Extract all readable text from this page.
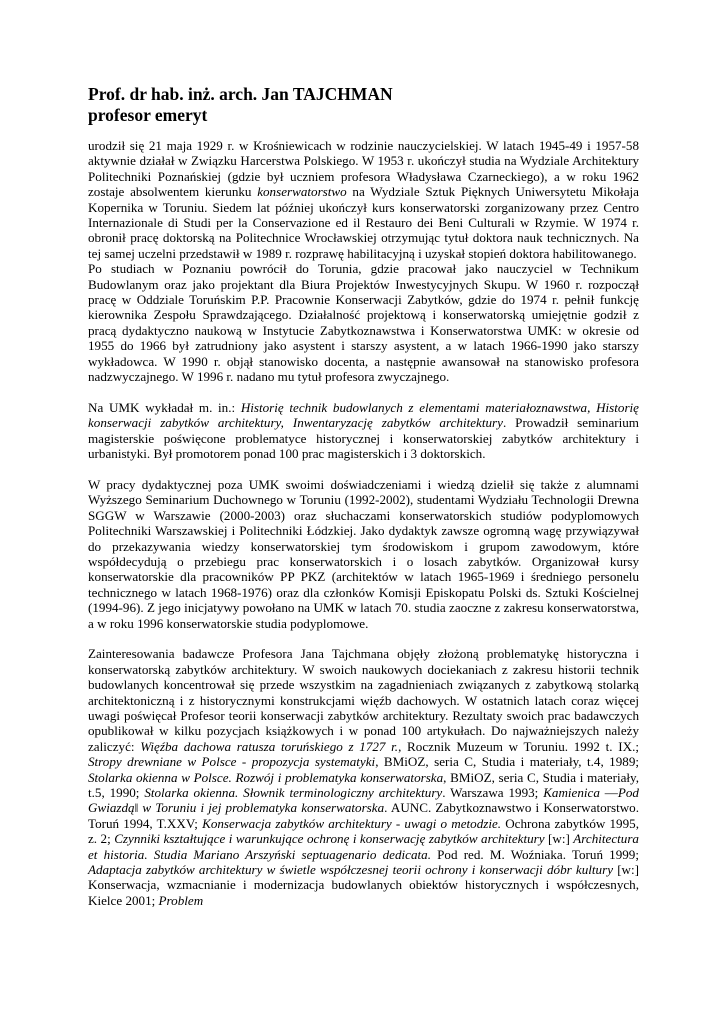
Prof. dr hab. inż. arch. Jan TAJCHMAN
profesor emeryt

urodził się 21 maja 1929 r. w Krośniewicach w rodzinie nauczycielskiej. W latach 1945-49 i 1957-58 aktywnie działał w Związku Harcerstwa Polskiego. W 1953 r. ukończył studia na Wydziale Architektury Politechniki Poznańskiej (gdzie był uczniem profesora Władysława Czarneckiego), a w roku 1962 zostaje absolwentem kierunku konserwatorstwo na Wydziale Sztuk Pięknych Uniwersytetu Mikołaja Kopernika w Toruniu. Siedem lat później ukończył kurs konserwatorski zorganizowany przez Centro Internazionale di Studi per la Conservazione ed il Restauro dei Beni Culturali w Rzymie. W 1974 r. obronił pracę doktorską na Politechnice Wrocławskiej otrzymując tytuł doktora nauk technicznych. Na tej samej uczelni przedstawił w 1989 r. rozprawę habilitacyjną i uzyskał stopień doktora habilitowanego.

Po studiach w Poznaniu powrócił do Torunia, gdzie pracował jako nauczyciel w Technikum Budowlanym oraz jako projektant dla Biura Projektów Inwestycyjnych Skupu. W 1960 r. rozpoczął pracę w Oddziale Toruńskim P.P. Pracownie Konserwacji Zabytków, gdzie do 1974 r. pełnił funkcję kierownika Zespołu Sprawdzającego. Działalność projektową i konserwatorską umiejętnie godził z pracą dydaktyczno naukową w Instytucie Zabytkoznawstwa i Konserwatorstwa UMK: w okresie od 1955 do 1966 był zatrudniony jako asystent i starszy asystent, a w latach 1966-1990 jako starszy wykładowca. W 1990 r. objął stanowisko docenta, a następnie awansował na stanowisko profesora nadzwyczajnego. W 1996 r. nadano mu tytuł profesora zwyczajnego.

Na UMK wykładał m. in.: Historię technik budowlanych z elementami materiałoznawstwa, Historię konserwacji zabytków architektury, Inwentaryzację zabytków architektury. Prowadził seminarium magisterskie poświęcone problematyce historycznej i konserwatorskiej zabytków architektury i urbanistyki. Był promotorem ponad 100 prac magisterskich i 3 doktorskich.

W pracy dydaktycznej poza UMK swoimi doświadczeniami i wiedzą dzielił się także z alumnami Wyższego Seminarium Duchownego w Toruniu (1992-2002), studentami Wydziału Technologii Drewna SGGW w Warszawie (2000-2003) oraz słuchaczami konserwatorskich studiów podyplomowych Politechniki Warszawskiej i Politechniki Łódzkiej. Jako dydaktyk zawsze ogromną wagę przywiązywał do przekazywania wiedzy konserwatorskiej tym środowiskom i grupom zawodowym, które współdecydują o przebiegu prac konserwatorskich i o losach zabytków. Organizował kursy konserwatorskie dla pracowników PP PKZ (architektów w latach 1965-1969 i średniego personelu technicznego w latach 1968-1976) oraz dla członków Komisji Episkopatu Polski ds. Sztuki Kościelnej (1994-96). Z jego inicjatywy powołano na UMK w latach 70. studia zaoczne z zakresu konserwatorstwa, a w roku 1996 konserwatorskie studia podyplomowe.

Zainteresowania badawcze Profesora Jana Tajchmana objęły złożoną problematykę historyczna i konserwatorską zabytków architektury. W swoich naukowych dociekaniach z zakresu historii technik budowlanych koncentrował się przede wszystkim na zagadnieniach związanych z zabytkową stolarką architektoniczną i z historycznymi konstrukcjami więźb dachowych. W ostatnich latach coraz więcej uwagi poświęcał Profesor teorii konserwacji zabytków architektury. Rezultaty swoich prac badawczych opublikował w kilku pozycjach książkowych i w ponad 100 artykułach. Do najważniejszych należy zaliczyć: Więźba dachowa ratusza toruńskiego z 1727 r., Rocznik Muzeum w Toruniu. 1992 t. IX.; Stropy drewniane w Polsce - propozycja systematyki, BMiOZ, seria C, Studia i materiały, t.4, 1989; Stolarka okienna w Polsce. Rozwój i problematyka konserwatorska, BMiOZ, seria C, Studia i materiały, t.5, 1990; Stolarka okienna. Słownik terminologiczny architektury. Warszawa 1993; Kamienica ―Pod Gwiazdą‖ w Toruniu i jej problematyka konserwatorska. AUNC. Zabytkoznawstwo i Konserwatorstwo. Toruń 1994, T.XXV; Konserwacja zabytków architektury - uwagi o metodzie. Ochrona zabytków 1995, z. 2; Czynniki kształtujące i warunkujące ochronę i konserwację zabytków architektury [w:] Architectura et historia. Studia Mariano Arszyński septuagenario dedicata. Pod red. M. Woźniaka. Toruń 1999; Adaptacja zabytków architektury w świetle współczesnej teorii ochrony i konserwacji dóbr kultury [w:] Konserwacja, wzmacnianie i modernizacja budowlanych obiektów historycznych i współczesnych, Kielce 2001; Problem
